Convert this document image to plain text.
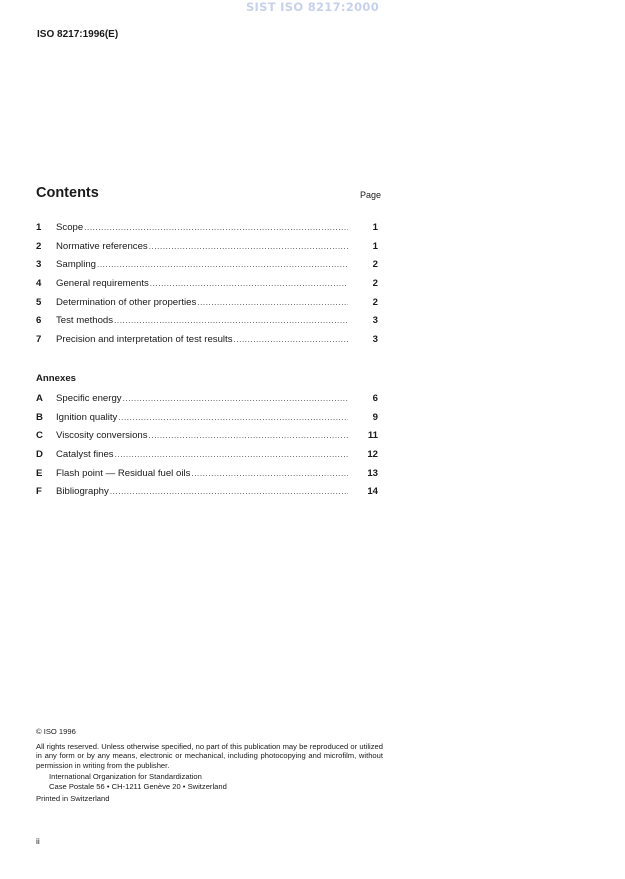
SIST ISO 8217:2000
ISO 8217:1996(E)
Contents	Page
1	Scope .....	1
2	Normative references .....	1
3	Sampling .....	2
4	General requirements .....	2
5	Determination of other properties .....	2
6	Test methods .....	3
7	Precision and interpretation of test results .....	3
Annexes
A	Specific energy .....	6
B	Ignition quality .....	9
C	Viscosity conversions .....	11
D	Catalyst fines .....	12
E	Flash point — Residual fuel oils .....	13
F	Bibliography .....	14
© ISO 1996
All rights reserved. Unless otherwise specified, no part of this publication may be reproduced or utilized in any form or by any means, electronic or mechanical, including photocopying and microfilm, without permission in writing from the publisher.
International Organization for Standardization
Case Postale 56 • CH-1211 Genève 20 • Switzerland
Printed in Switzerland
ii
